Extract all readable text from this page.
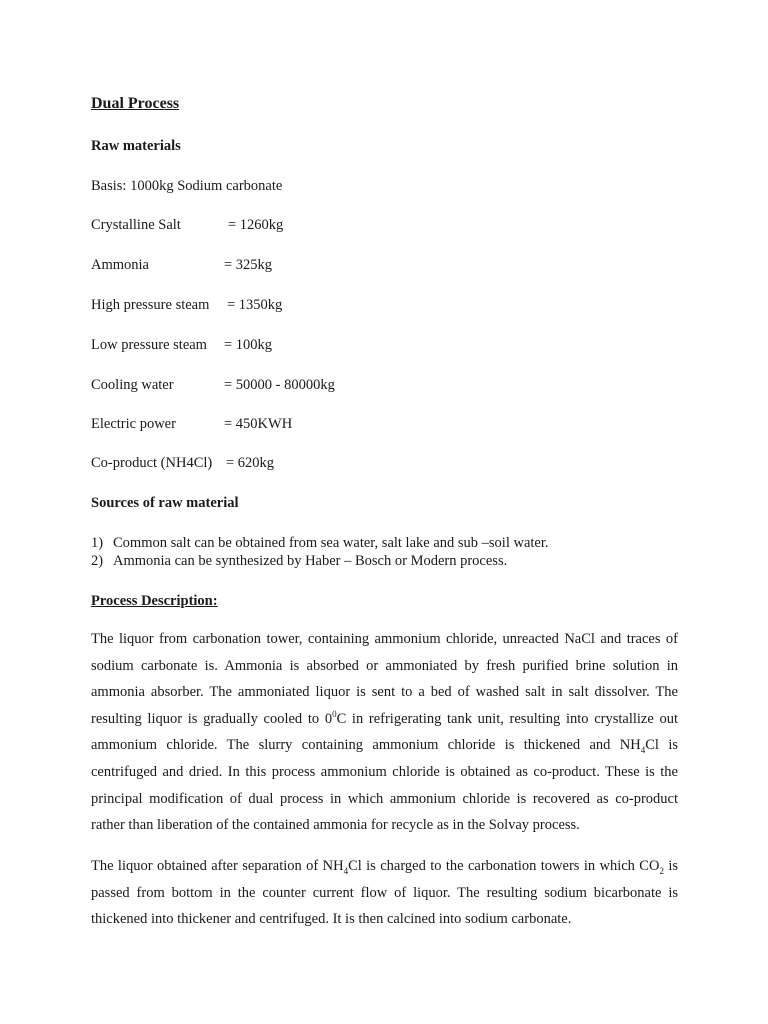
Dual Process
Raw materials
Basis: 1000kg Sodium carbonate
Crystalline Salt	= 1260kg
Ammonia	= 325kg
High pressure steam = 1350kg
Low pressure steam = 100kg
Cooling water	= 50000 - 80000kg
Electric power	= 450KWH
Co-product (NH4Cl) = 620kg
Sources of raw material
1) Common salt can be obtained from sea water, salt lake and sub –soil water.
2) Ammonia can be synthesized by Haber – Bosch or Modern process.
Process Description:

The liquor from carbonation tower, containing ammonium chloride, unreacted NaCl and traces of sodium carbonate is. Ammonia is absorbed or ammoniated by fresh purified brine solution in ammonia absorber. The ammoniated liquor is sent to a bed of washed salt in salt dissolver. The resulting liquor is gradually cooled to $0^0C$ in refrigerating tank unit, resulting into crystallize out ammonium chloride. The slurry containing ammonium chloride is thickened and $NH_4Cl$ is centrifuged and dried. In this process ammonium chloride is obtained as co-product. These is the principal modification of dual process in which ammonium chloride is recovered as co-product rather than liberation of the contained ammonia for recycle as in the Solvay process.

The liquor obtained after separation of $NH_4Cl$ is charged to the carbonation towers in which $CO_2$ is passed from bottom in the counter current flow of liquor. The resulting sodium bicarbonate is thickened into thickener and centrifuged. It is then calcined into sodium carbonate.
